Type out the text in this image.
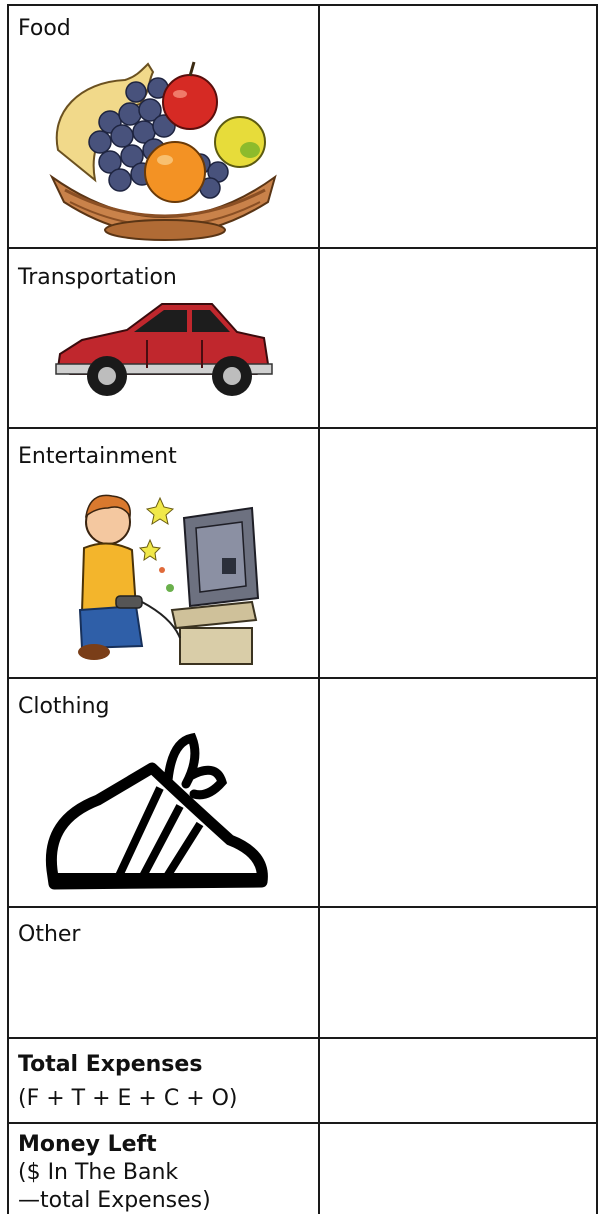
Food
Transportation
Entertainment
Clothing
Other
Total Expenses
(F + T + E + C + O)
Money Left
($ In The Bank
—total Expenses)
